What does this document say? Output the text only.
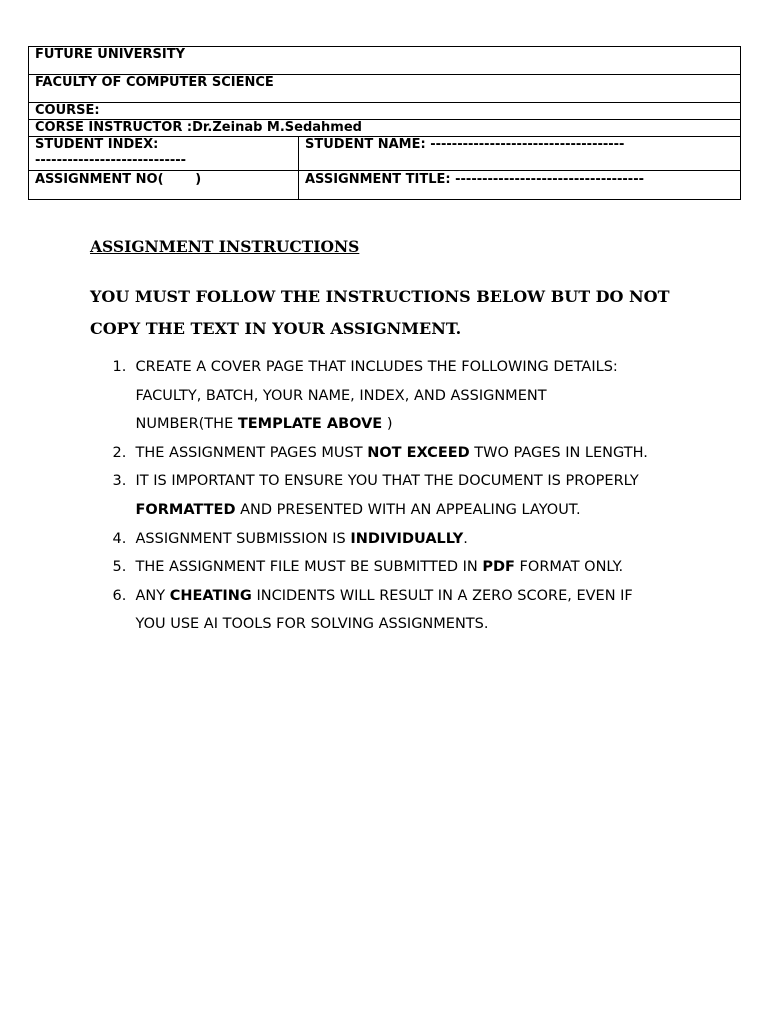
FUTURE UNIVERSITY	
FACULTY OF COMPUTER SCIENCE	
COURSE:	
CORSE INSTRUCTOR :Dr.Zeinab M.Sedahmed	

STUDENT INDEX:
----------------------------	STUDENT NAME: ------------------------------------
ASSIGNMENT NO(       )	ASSIGNMENT TITLE: -----------------------------------
ASSIGNMENT INSTRUCTIONS
YOU MUST FOLLOW THE INSTRUCTIONS BELOW BUT DO NOT
COPY THE TEXT IN YOUR ASSIGNMENT.
1. CREATE A COVER PAGE THAT INCLUDES THE FOLLOWING DETAILS:
FACULTY, BATCH, YOUR NAME, INDEX, AND ASSIGNMENT
NUMBER(THE TEMPLATE ABOVE )
2. THE ASSIGNMENT PAGES MUST NOT EXCEED TWO PAGES IN LENGTH.
3. IT IS IMPORTANT TO ENSURE YOU THAT THE DOCUMENT IS PROPERLY
FORMATTED AND PRESENTED WITH AN APPEALING LAYOUT.
4. ASSIGNMENT SUBMISSION IS INDIVIDUALLY.
5. THE ASSIGNMENT FILE MUST BE SUBMITTED IN PDF FORMAT ONLY.
6. ANY CHEATING INCIDENTS WILL RESULT IN A ZERO SCORE, EVEN IF
YOU USE AI TOOLS FOR SOLVING ASSIGNMENTS.
